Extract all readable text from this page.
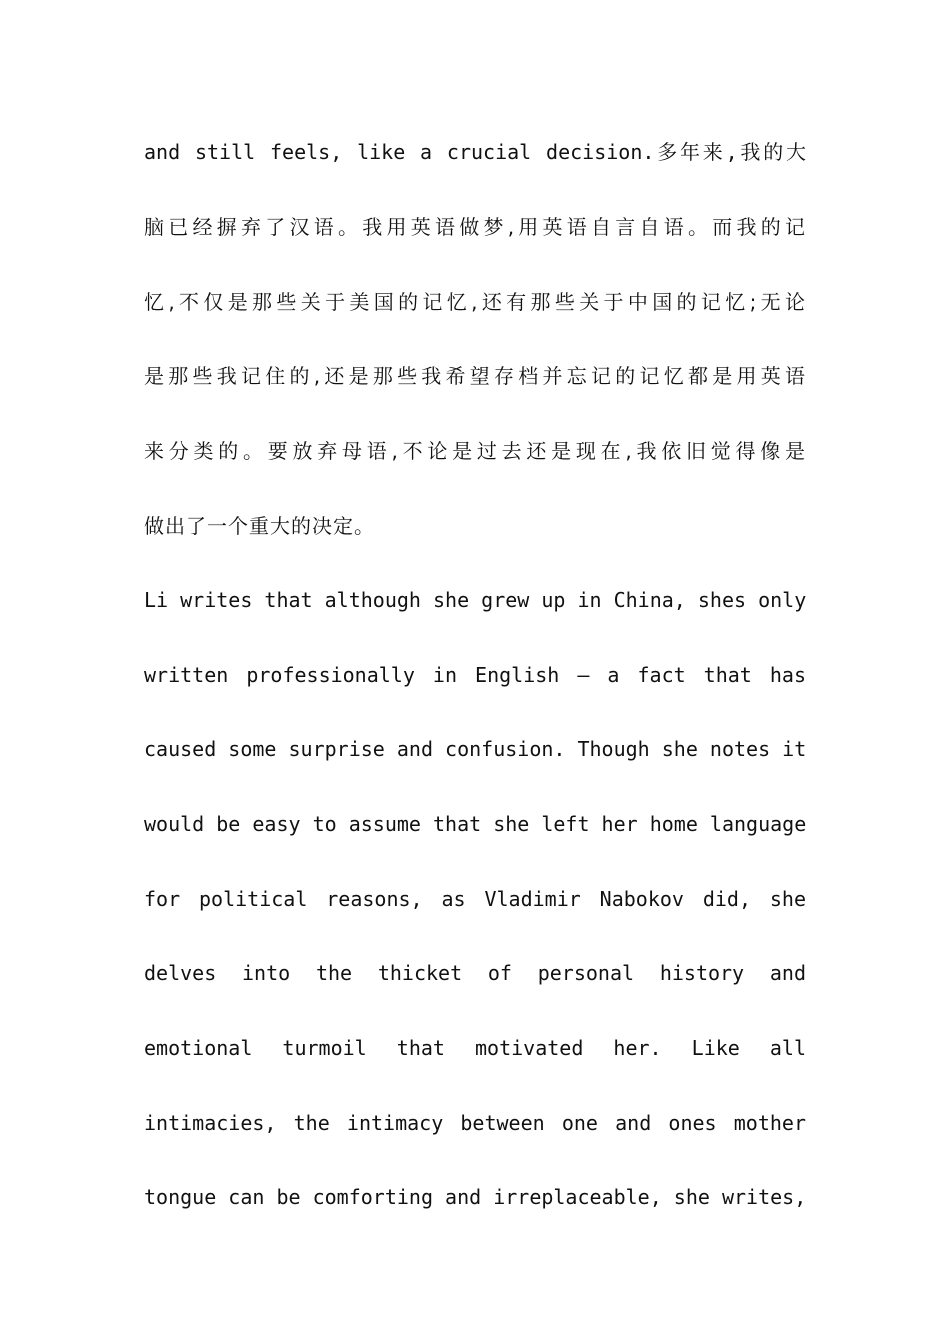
and still feels, like a crucial decision.多年来,我的大
脑已经摒弃了汉语。我用英语做梦,用英语自言自语。而我的记
忆,不仅是那些关于美国的记忆,还有那些关于中国的记忆;无论
是那些我记住的,还是那些我希望存档并忘记的记忆都是用英语
来分类的。要放弃母语,不论是过去还是现在,我依旧觉得像是
做出了一个重大的决定。
Li writes that although she grew up in China, shes only
written professionally in English — a fact that has
caused some surprise and confusion. Though she notes it
would be easy to assume that she left her home language
for political reasons, as Vladimir Nabokov did, she
delves into the thicket of personal history and
emotional turmoil that motivated her. Like all
intimacies, the intimacy between one and ones mother
tongue can be comforting and irreplaceable, she writes,
